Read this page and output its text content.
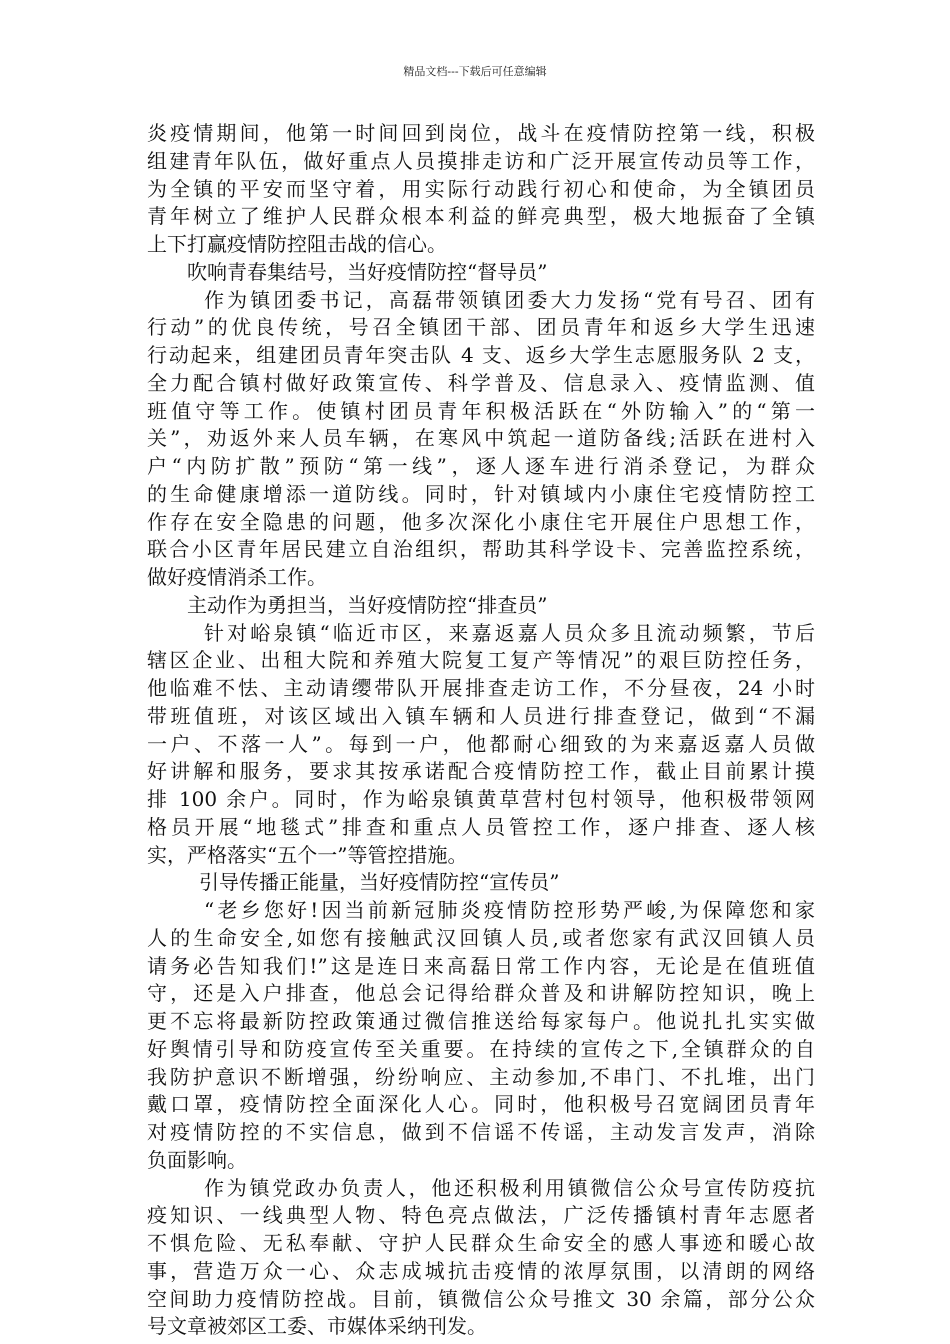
精品文档---下载后可任意编辑
炎疫情期间，他第一时间回到岗位，战斗在疫情防控第一线，积极
组建青年队伍，做好重点人员摸排走访和广泛开展宣传动员等工作，
为全镇的平安而坚守着，用实际行动践行初心和使命，为全镇团员
青年树立了维护人民群众根本利益的鲜亮典型，极大地振奋了全镇
上下打赢疫情防控阻击战的信心。
吹响青春集结号，当好疫情防控“督导员”
作为镇团委书记，高磊带领镇团委大力发扬“党有号召、团有
行动”的优良传统，号召全镇团干部、团员青年和返乡大学生迅速
行动起来，组建团员青年突击队 4 支、返乡大学生志愿服务队 2 支，
全力配合镇村做好政策宣传、科学普及、信息录入、疫情监测、值
班值守等工作。使镇村团员青年积极活跃在“外防输入”的“第一
关”，劝返外来人员车辆，在寒风中筑起一道防备线;活跃在进村入
户“内防扩散”预防“第一线”，逐人逐车进行消杀登记，为群众
的生命健康增添一道防线。同时，针对镇域内小康住宅疫情防控工
作存在安全隐患的问题，他多次深化小康住宅开展住户思想工作，
联合小区青年居民建立自治组织，帮助其科学设卡、完善监控系统，
做好疫情消杀工作。
主动作为勇担当，当好疫情防控“排查员”
针对峪泉镇“临近市区，来嘉返嘉人员众多且流动频繁，节后
辖区企业、出租大院和养殖大院复工复产等情况”的艰巨防控任务，
他临难不怯、主动请缨带队开展排查走访工作，不分昼夜，24 小时
带班值班，对该区域出入镇车辆和人员进行排查登记，做到“不漏
一户、不落一人”。每到一户，他都耐心细致的为来嘉返嘉人员做
好讲解和服务，要求其按承诺配合疫情防控工作，截止目前累计摸
排 100 余户。同时，作为峪泉镇黄草营村包村领导，他积极带领网
格员开展“地毯式”排查和重点人员管控工作，逐户排查、逐人核
实，严格落实“五个一”等管控措施。
引导传播正能量，当好疫情防控“宣传员”
“老乡您好!因当前新冠肺炎疫情防控形势严峻,为保障您和家
人的生命安全,如您有接触武汉回镇人员,或者您家有武汉回镇人员
请务必告知我们!”这是连日来高磊日常工作内容，无论是在值班值
守，还是入户排查，他总会记得给群众普及和讲解防控知识，晚上
更不忘将最新防控政策通过微信推送给每家每户。他说扎扎实实做
好舆情引导和防疫宣传至关重要。在持续的宣传之下,全镇群众的自
我防护意识不断增强，纷纷响应、主动参加,不串门、不扎堆，出门
戴口罩，疫情防控全面深化人心。同时，他积极号召宽阔团员青年
对疫情防控的不实信息，做到不信谣不传谣，主动发言发声，消除
负面影响。
作为镇党政办负责人，他还积极利用镇微信公众号宣传防疫抗
疫知识、一线典型人物、特色亮点做法，广泛传播镇村青年志愿者
不惧危险、无私奉献、守护人民群众生命安全的感人事迹和暖心故
事，营造万众一心、众志成城抗击疫情的浓厚氛围，以清朗的网络
空间助力疫情防控战。目前，镇微信公众号推文 30 余篇，部分公众
号文章被郊区工委、市媒体采纳刊发。
